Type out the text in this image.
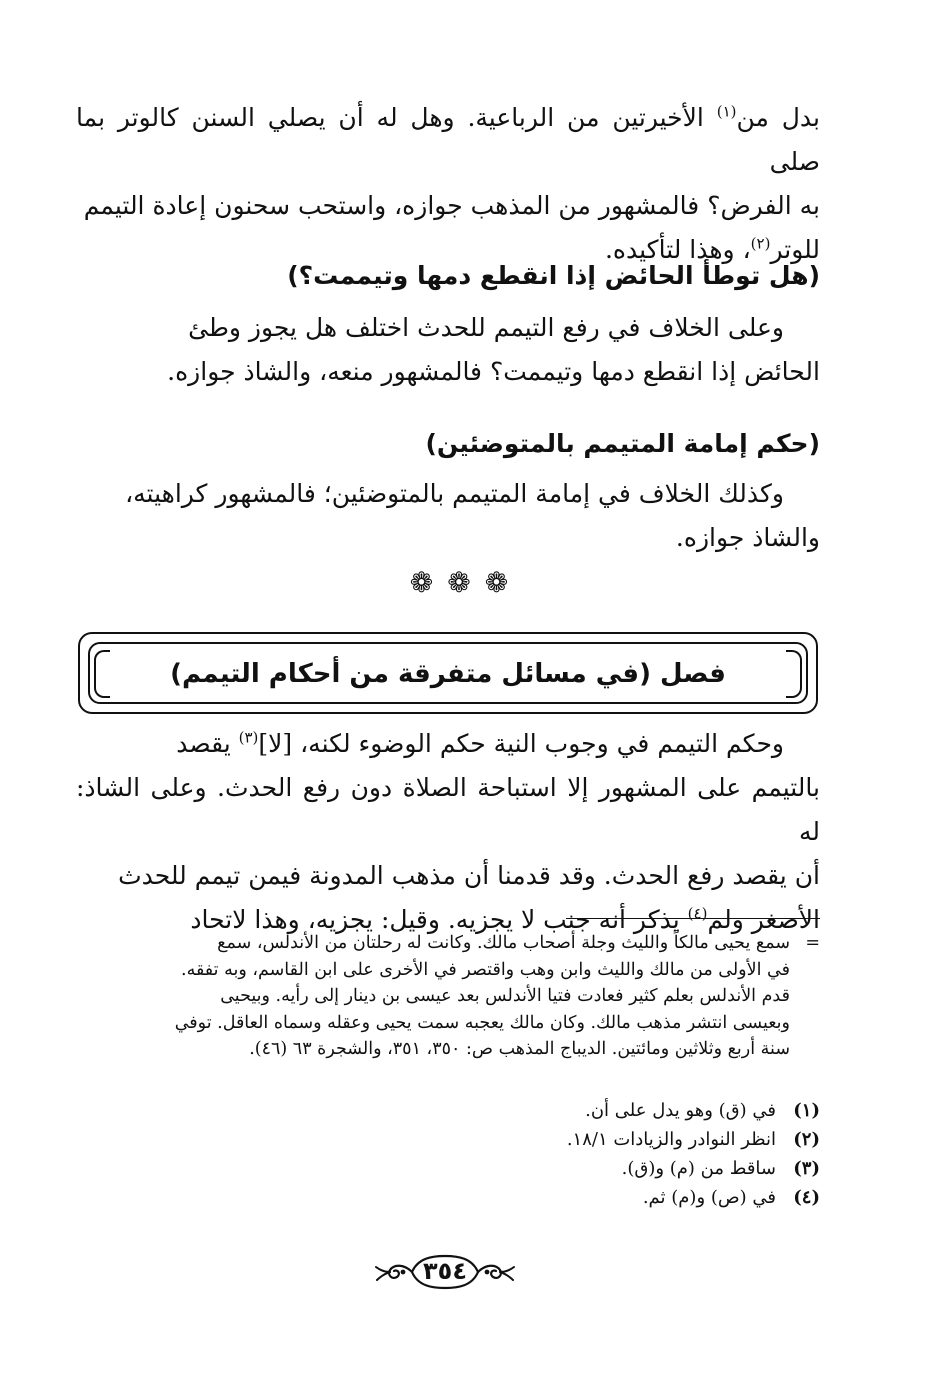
بدل من$^{(١)}$ الأخيرتين من الرباعية. وهل له أن يصلي السنن كالوتر بما صلى
به الفرض؟ فالمشهور من المذهب جوازه، واستحب سحنون إعادة التيمم
للوتر$^{(٢)}$، وهذا لتأكيده.
(هل توطأ الحائض إذا انقطع دمها وتيممت؟)
وعلى الخلاف في رفع التيمم للحدث اختلف هل يجوز وطئ
الحائض إذا انقطع دمها وتيممت؟ فالمشهور منعه، والشاذ جوازه.
(حكم إمامة المتيمم بالمتوضئين)
وكذلك الخلاف في إمامة المتيمم بالمتوضئين؛ فالمشهور كراهيته،
والشاذ جوازه.
❁❁❁
فصل (في مسائل متفرقة من أحكام التيمم)
وحكم التيمم في وجوب النية حكم الوضوء لكنه، [لا]$^{(٣)}$ يقصد
بالتيمم على المشهور إلا استباحة الصلاة دون رفع الحدث. وعلى الشاذ: له
أن يقصد رفع الحدث. وقد قدمنا أن مذهب المدونة فيمن تيمم للحدث
الأصغر ولم$^{(٤)}$ يذكر أنه جنب لا يجزيه. وقيل: يجزيه، وهذا لاتحاد
=
سمع يحيى مالكاً والليث وجلة أصحاب مالك. وكانت له رحلتان من الأندلس، سمع
في الأولى من مالك والليث وابن وهب واقتصر في الأخرى على ابن القاسم، وبه تفقه.
قدم الأندلس بعلم كثير فعادت فتيا الأندلس بعد عيسى بن دينار إلى رأيه. وبيحيى
وبعيسى انتشر مذهب مالك. وكان مالك يعجبه سمت يحيى وعقله وسماه العاقل. توفي
سنة أربع وثلاثين ومائتين. الديباج المذهب ص: ٣٥٠، ٣٥١، والشجرة ٦٣ (٤٦).
(١)
في (ق) وهو يدل على أن.
(٢)
انظر النوادر والزيادات ١٨/١.
(٣)
ساقط من (م) و(ق).
(٤)
في (ص) و(م) ثم.
٣٥٤
